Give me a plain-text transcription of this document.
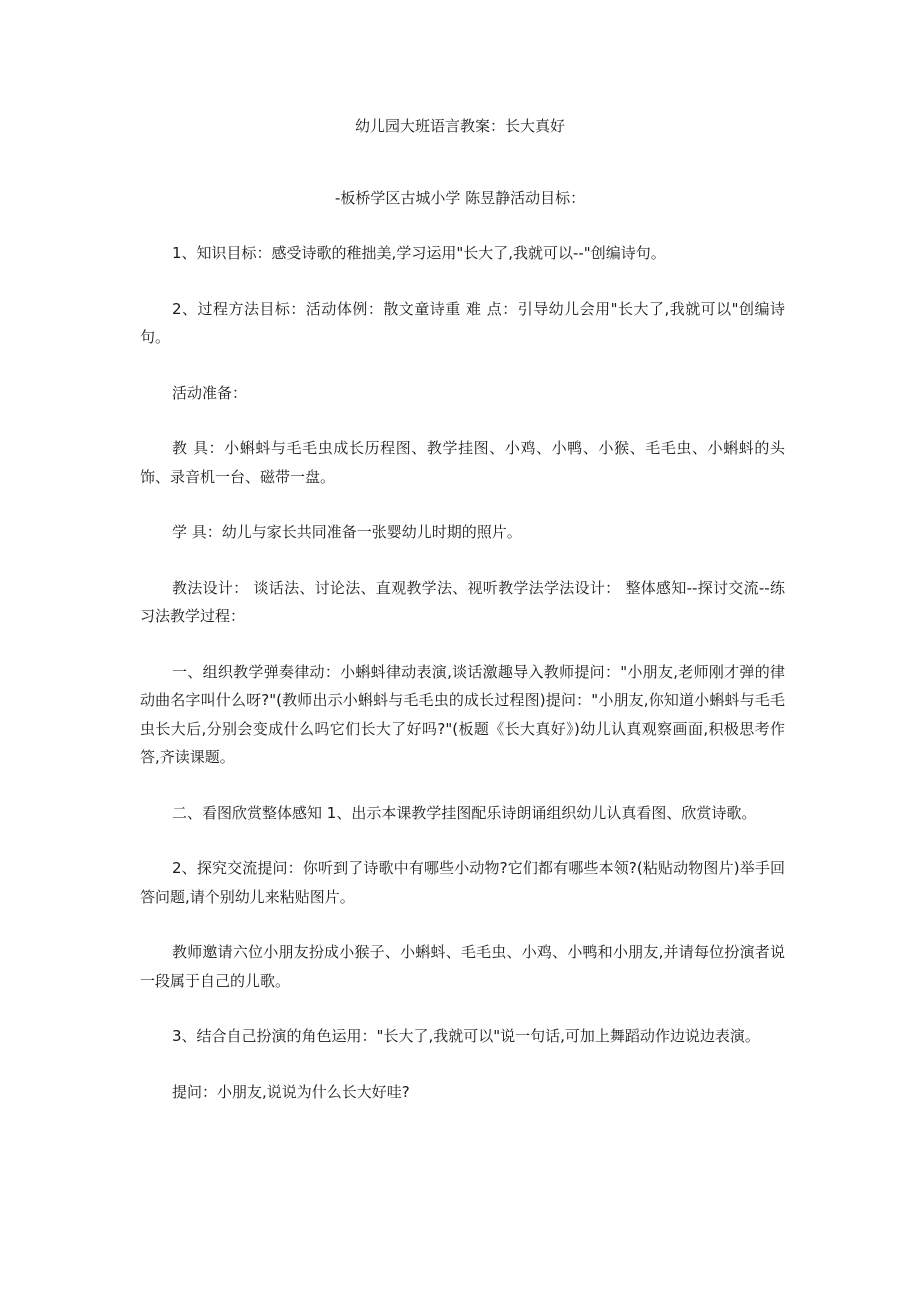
幼儿园大班语言教案：长大真好
-板桥学区古城小学 陈昱静活动目标：

1、知识目标：感受诗歌的稚拙美,学习运用"长大了,我就可以--"创编诗句。

2、过程方法目标：活动体例：散文童诗重 难 点：引导幼儿会用"长大了,我就可以"创编诗句。

活动准备：

教 具：小蝌蚪与毛毛虫成长历程图、教学挂图、小鸡、小鸭、小猴、毛毛虫、小蝌蚪的头饰、录音机一台、磁带一盘。

学 具：幼儿与家长共同准备一张婴幼儿时期的照片。

教法设计： 谈话法、讨论法、直观教学法、视听教学法学法设计： 整体感知--探讨交流--练习法教学过程：

一、组织教学弹奏律动：小蝌蚪律动表演,谈话激趣导入教师提问："小朋友,老师刚才弹的律动曲名字叫什么呀?"(教师出示小蝌蚪与毛毛虫的成长过程图)提问："小朋友,你知道小蝌蚪与毛毛虫长大后,分别会变成什么吗它们长大了好吗?"(板题《长大真好》)幼儿认真观察画面,积极思考作答,齐读课题。

二、看图欣赏整体感知 1、出示本课教学挂图配乐诗朗诵组织幼儿认真看图、欣赏诗歌。

2、探究交流提问：你听到了诗歌中有哪些小动物?它们都有哪些本领?(粘贴动物图片)举手回答问题,请个别幼儿来粘贴图片。

教师邀请六位小朋友扮成小猴子、小蝌蚪、毛毛虫、小鸡、小鸭和小朋友,并请每位扮演者说一段属于自己的儿歌。

3、结合自己扮演的角色运用："长大了,我就可以"说一句话,可加上舞蹈动作边说边表演。

提问：小朋友,说说为什么长大好哇?
